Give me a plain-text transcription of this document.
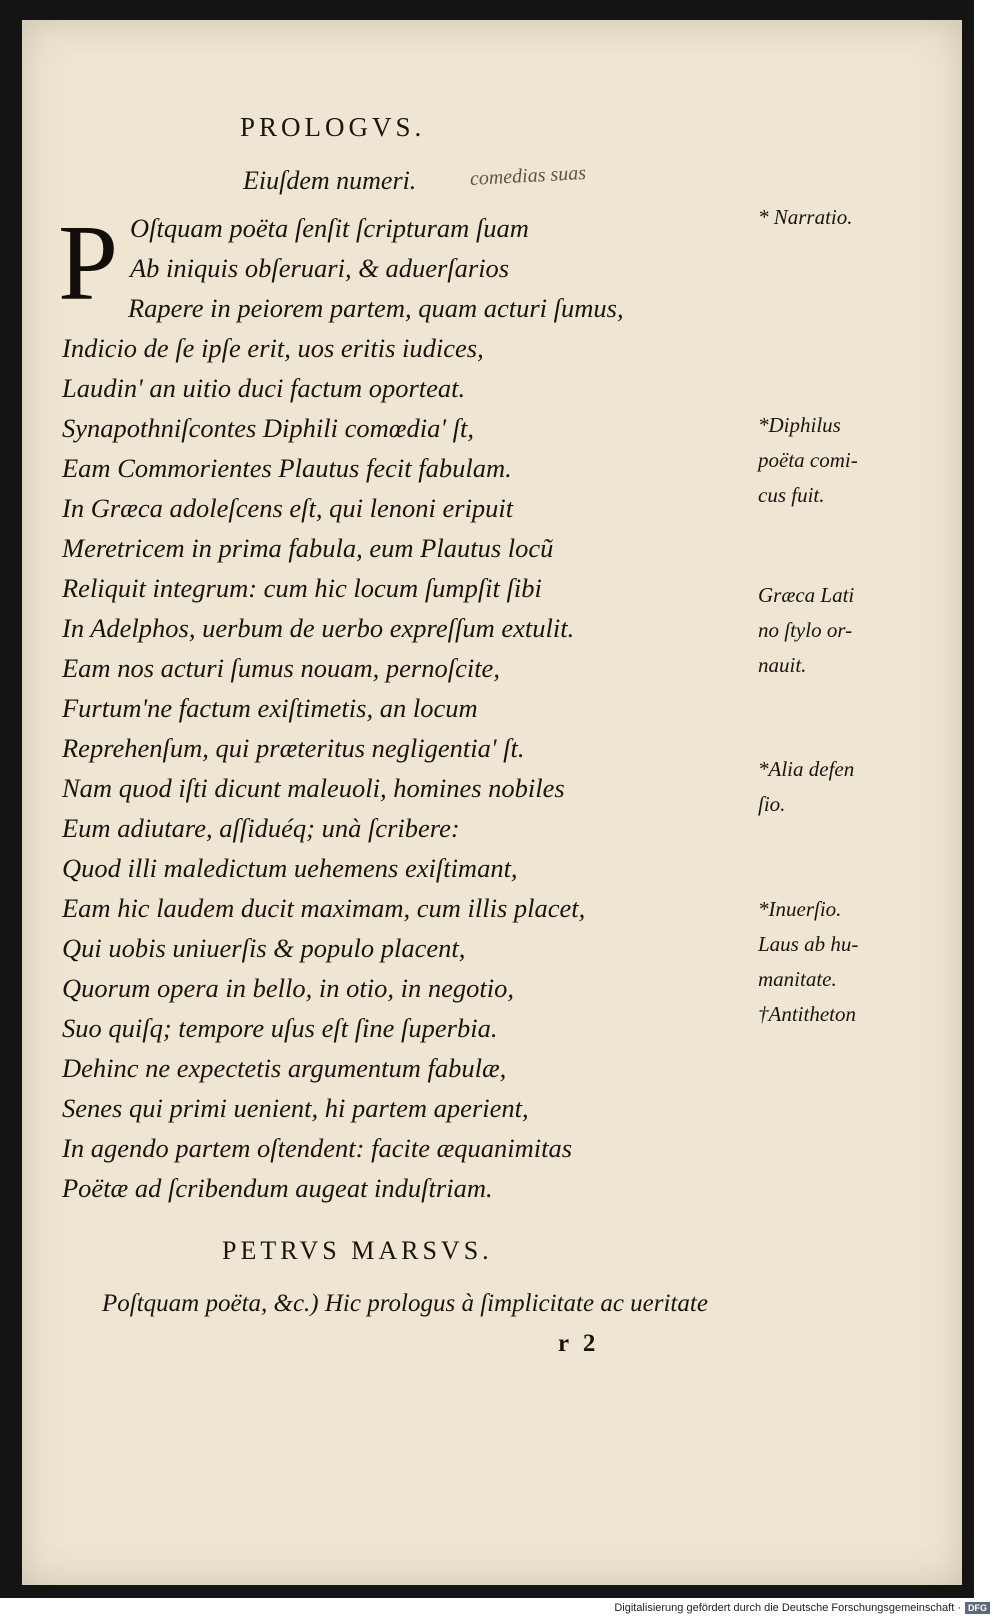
PROLOGVS.
Eiuſdem numeri.	comedias suas
P Oſtquam poëta ſenſit ſcripturam ſuam
Ab iniquis obſeruari, & aduerſarios
Rapere in peiorem partem, quam acturi ſumus,
Indicio de ſe ipſe erit, uos eritis iudices,
Laudin' an uitio duci factum oporteat.
Synapothniſcontes Diphili comœdia' ſt,
Eam Commorientes Plautus fecit fabulam.
In Græca adoleſcens eſt, qui lenoni eripuit
Meretricem in prima fabula, eum Plautus locũ
Reliquit integrum: cum hic locum ſumpſit ſibi
In Adelphos, uerbum de uerbo expreſſum extulit.
Eam nos acturi ſumus nouam, pernoſcite,
Furtum'ne factum exiſtimetis, an locum
Reprehenſum, qui præteritus negligentia' ſt.
Nam quod iſti dicunt maleuoli, homines nobiles
Eum adiutare, aſſiduéq; unà ſcribere:
Quod illi maledictum uehemens exiſtimant,
Eam hic laudem ducit maximam, cum illis placet,
Qui uobis uniuerſis & populo placent,
Quorum opera in bello, in otio, in negotio,
Suo quiſq; tempore uſus eſt ſine ſuperbia.
Dehinc ne expectetis argumentum fabulæ,
Senes qui primi uenient, hi partem aperient,
In agendo partem oſtendent: facite æquanimitas
Poëtæ ad ſcribendum augeat induſtriam.
* Narratio.
*Diphilus
poëta comi-
cus fuit.
Græca Lati
no ſtylo or-
nauit.
*Alia defen
ſio.
*Inuerſio.
Laus ab hu-
manitate.
†Antitheton
PETRVS MARSVS.
Poſtquam poëta, &c.) Hic prologus à ſimplicitate ac ueritate
r 2
Digitalisierung gefördert durch die Deutsche Forschungsgemeinschaft · DFG
